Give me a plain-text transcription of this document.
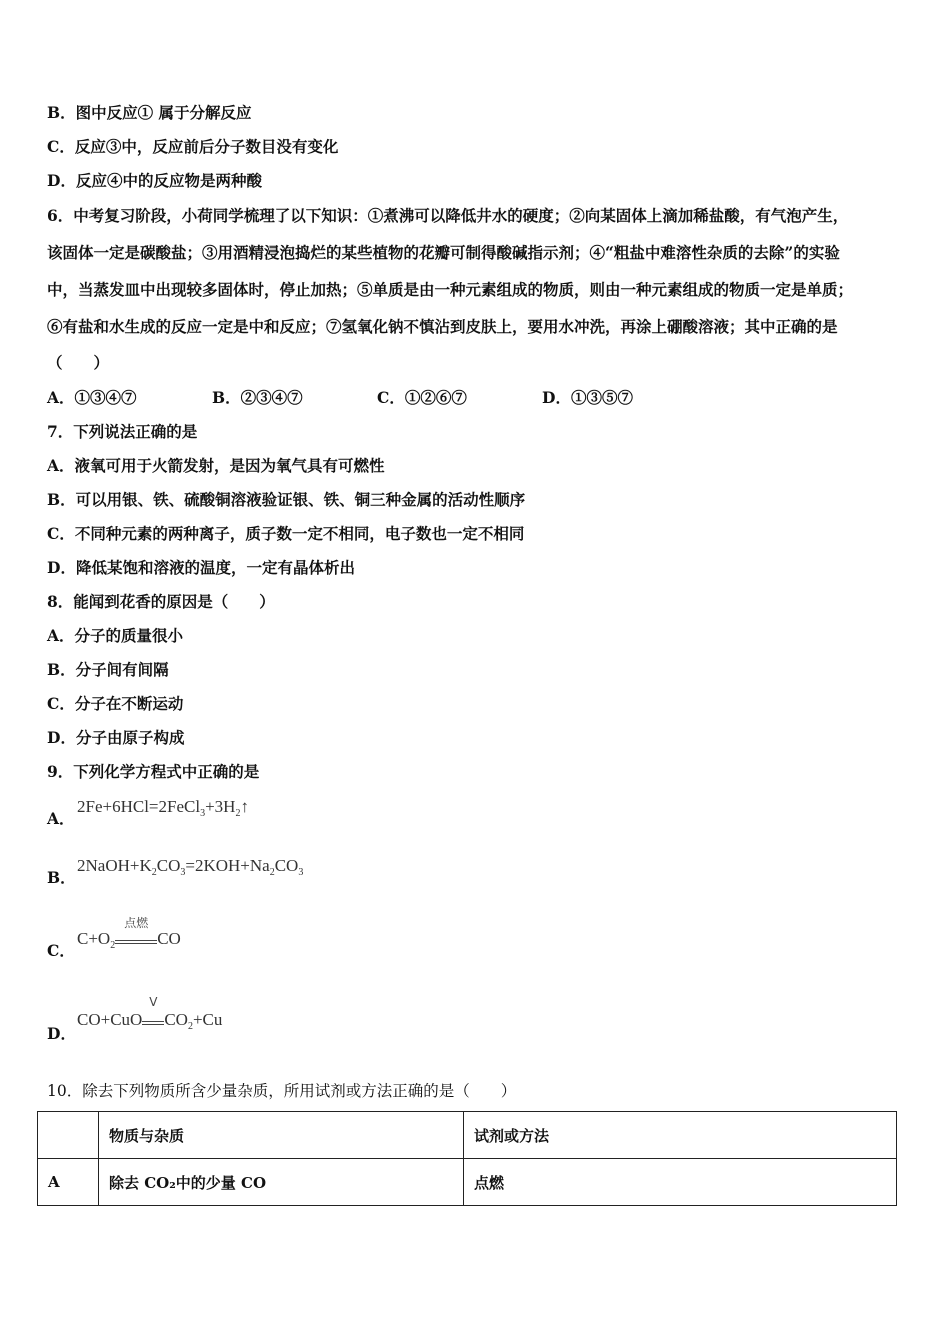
B．图中反应① 属于分解反应
C．反应③中，反应前后分子数目没有变化
D．反应④中的反应物是两种酸
6．中考复习阶段，小荷同学梳理了以下知识：①煮沸可以降低井水的硬度；②向某固体上滴加稀盐酸，有气泡产生，
该固体一定是碳酸盐；③用酒精浸泡捣烂的某些植物的花瓣可制得酸碱指示剂；④“粗盐中难溶性杂质的去除”的实验
中，当蒸发皿中出现较多固体时，停止加热；⑤单质是由一种元素组成的物质，则由一种元素组成的物质一定是单质；
⑥有盐和水生成的反应一定是中和反应；⑦氢氧化钠不慎沾到皮肤上，要用水冲洗，再涂上硼酸溶液；其中正确的是
（　　）
A．①③④⑦	B．②③④⑦	C．①②⑥⑦	D．①③⑤⑦
7．下列说法正确的是
A．液氧可用于火箭发射，是因为氧气具有可燃性
B．可以用银、铁、硫酸铜溶液验证银、铁、铜三种金属的活动性顺序
C．不同种元素的两种离子，质子数一定不相同，电子数也一定不相同
D．降低某饱和溶液的温度，一定有晶体析出
8．能闻到花香的原因是（　　）
A．分子的质量很小
B．分子间有间隔
C．分子在不断运动
D．分子由原子构成
9．下列化学方程式中正确的是
A．
$2Fe+6HCl=2FeCl_3+3H_2↑$
B．
$2NaOH+K_2CO_3=2KOH+Na_2CO_3$
C．
$C+O_2$
点燃
CO
D．
CO+CuO
V
$CO_2+Cu$
10．除去下列物质所含少量杂质，所用试剂或方法正确的是（　　）
	物质与杂质	试剂或方法
A	除去 CO₂中的少量 CO	点燃
